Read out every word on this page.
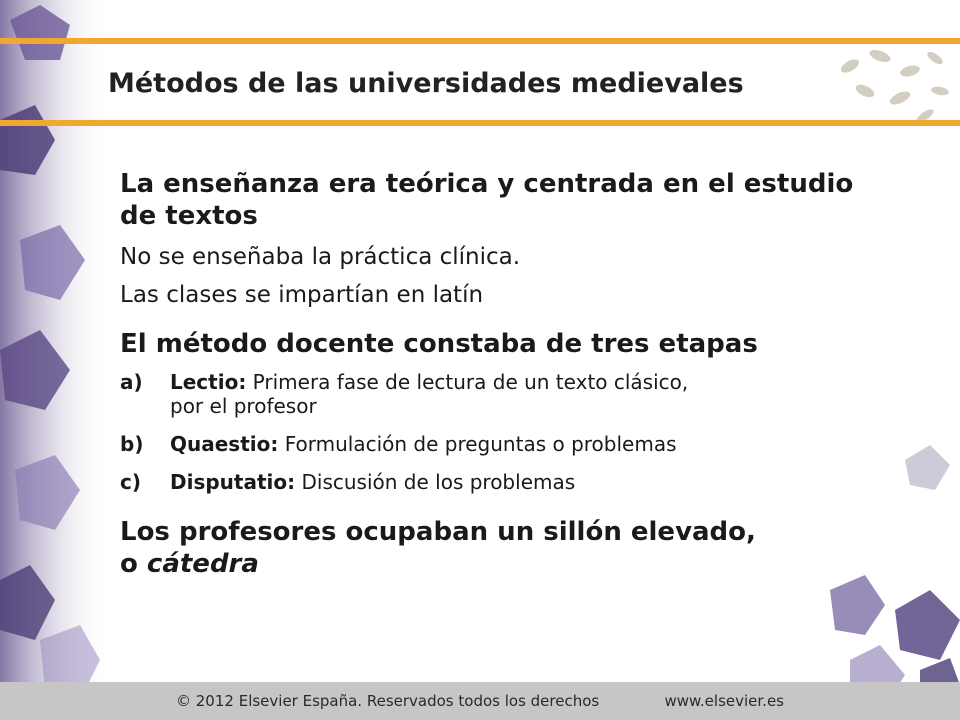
Métodos de las universidades medievales
La enseñanza era teórica y centrada en el estudio
de textos
No se enseñaba la práctica clínica.
Las clases se impartían en latín
El método docente constaba de tres etapas
a)	Lectio: Primera fase de lectura de un texto clásico,
por el profesor
b)	Quaestio: Formulación de preguntas o problemas
c)	Disputatio: Discusión de los problemas
Los profesores ocupaban un sillón elevado,
o cátedra
© 2012 Elsevier España. Reservados todos los derechos	www.elsevier.es
